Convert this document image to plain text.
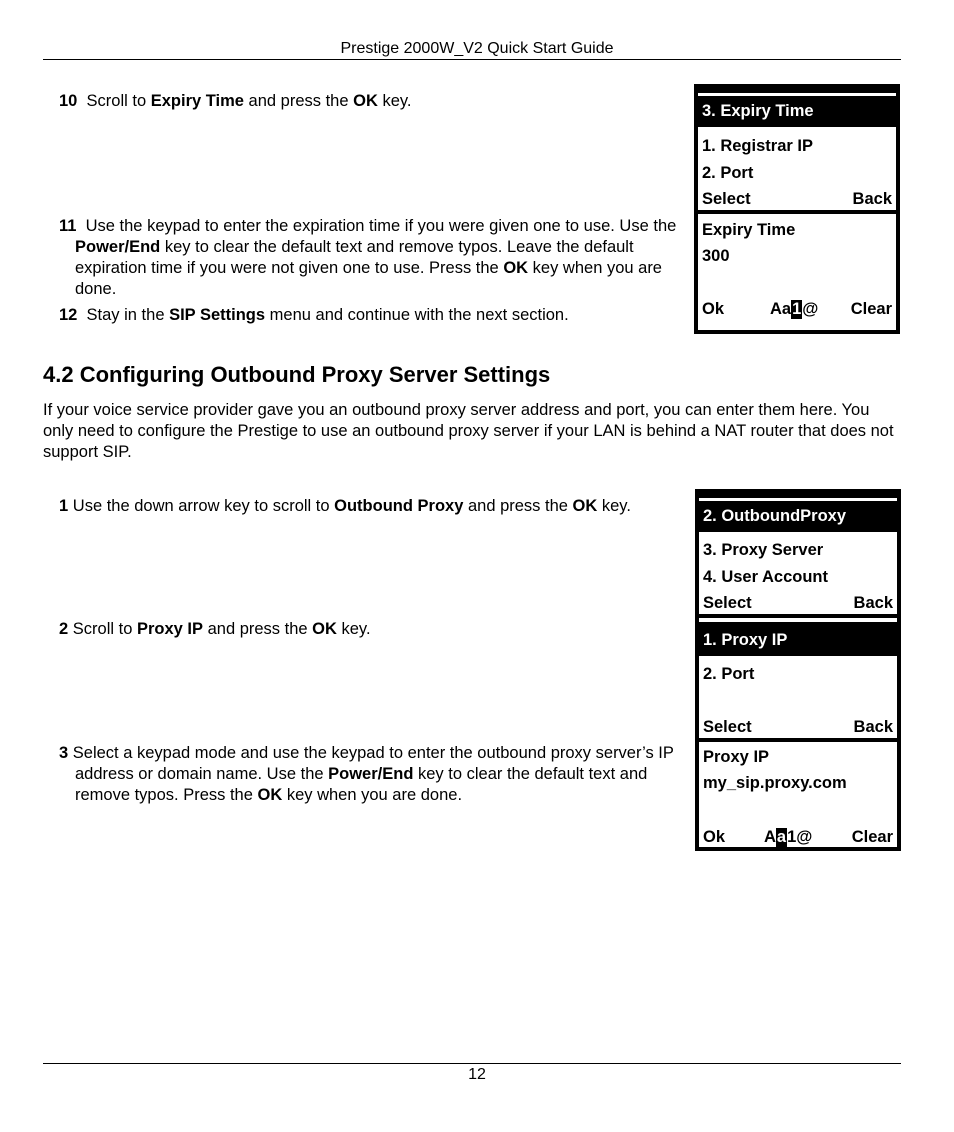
Prestige 2000W_V2 Quick Start Guide
10 Scroll to Expiry Time and press the OK key.
11 Use the keypad to enter the expiration time if you were given one to use. Use the Power/End key to clear the default text and remove typos. Leave the default expiration time if you were not given one to use. Press the OK key when you are done.
12 Stay in the SIP Settings menu and continue with the next section.
3. Expiry Time
1. Registrar IP
2. Port
Select	Back
Expiry Time
300
Ok	Aa1@ Clear
4.2 Configuring Outbound Proxy Server Settings
If your voice service provider gave you an outbound proxy server address and port, you can enter them here. You only need to configure the Prestige to use an outbound proxy server if your LAN is behind a NAT router that does not support SIP.
1 Use the down arrow key to scroll to Outbound Proxy and press the OK key.
2 Scroll to Proxy IP and press the OK key.
3 Select a keypad mode and use the keypad to enter the outbound proxy server’s IP address or domain name. Use the Power/End key to clear the default text and remove typos. Press the OK key when you are done.
2. OutboundProxy
3. Proxy Server
4. User Account
Select	Back
1. Proxy IP
2. Port
Select	Back
Proxy IP
my_sip.proxy.com
Ok Aa1@ Clear
12
